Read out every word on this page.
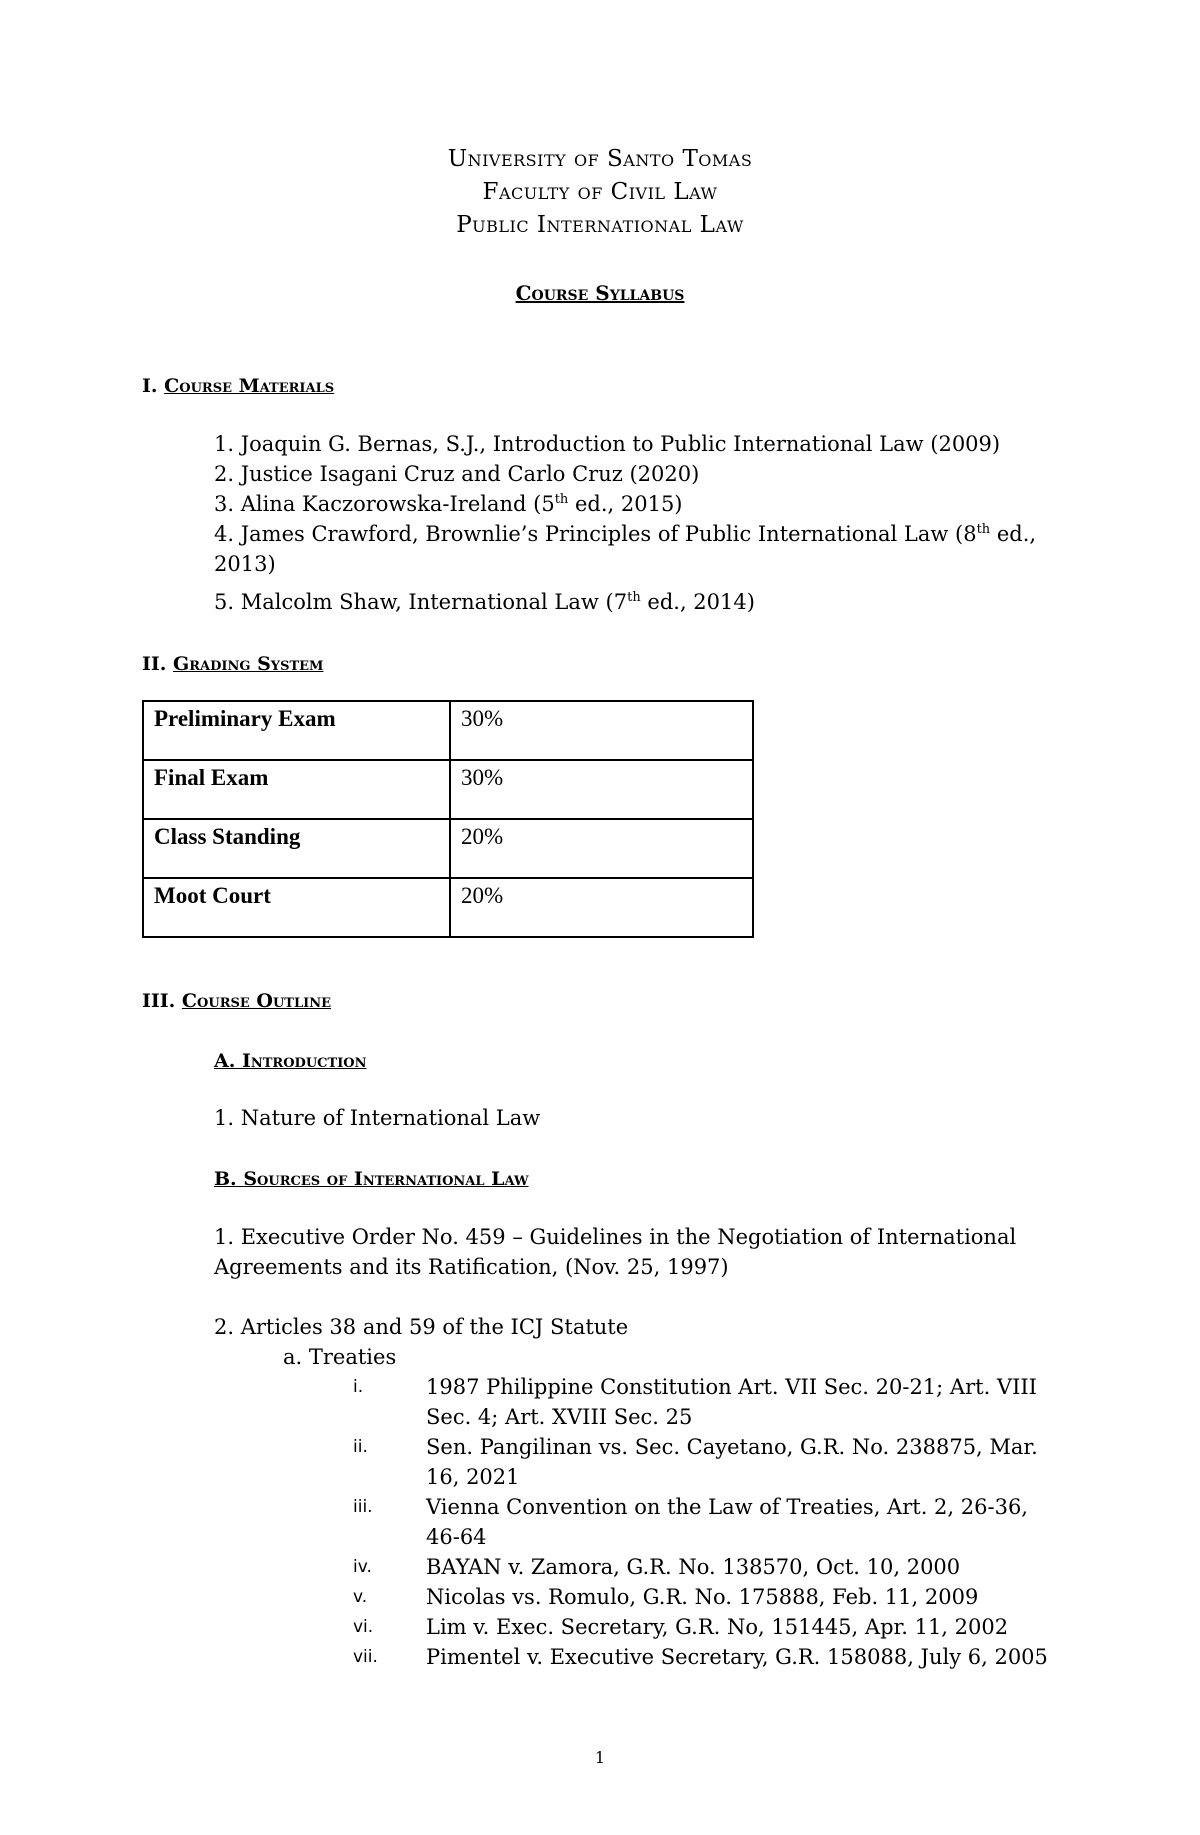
University of Santo Tomas
Faculty of Civil Law
Public International Law
Course Syllabus
I. Course Materials
1. Joaquin G. Bernas, S.J., Introduction to Public International Law (2009)
2. Justice Isagani Cruz and Carlo Cruz (2020)
3. Alina Kaczorowska-Ireland (5th ed., 2015)
4. James Crawford, Brownlie’s Principles of Public International Law (8th ed.,
2013)
5. Malcolm Shaw, International Law (7th ed., 2014)
II. Grading System
Preliminary Exam	30%
Final Exam	30%
Class Standing	20%
Moot Court	20%
III. Course Outline
A. Introduction
1. Nature of International Law
B. Sources of International Law
1. Executive Order No. 459 – Guidelines in the Negotiation of International
Agreements and its Ratification, (Nov. 25, 1997)
2. Articles 38 and 59 of the ICJ Statute
a. Treaties
i.	1987 Philippine Constitution Art. VII Sec. 20-21; Art. VIII
Sec. 4; Art. XVIII Sec. 25
ii.	Sen. Pangilinan vs. Sec. Cayetano, G.R. No. 238875, Mar.
16, 2021
iii.	Vienna Convention on the Law of Treaties, Art. 2, 26-36,
46-64
iv.	BAYAN v. Zamora, G.R. No. 138570, Oct. 10, 2000
v.	Nicolas vs. Romulo, G.R. No. 175888, Feb. 11, 2009
vi.	Lim v. Exec. Secretary, G.R. No, 151445, Apr. 11, 2002
vii. Pimentel v. Executive Secretary, G.R. 158088, July 6, 2005
1
